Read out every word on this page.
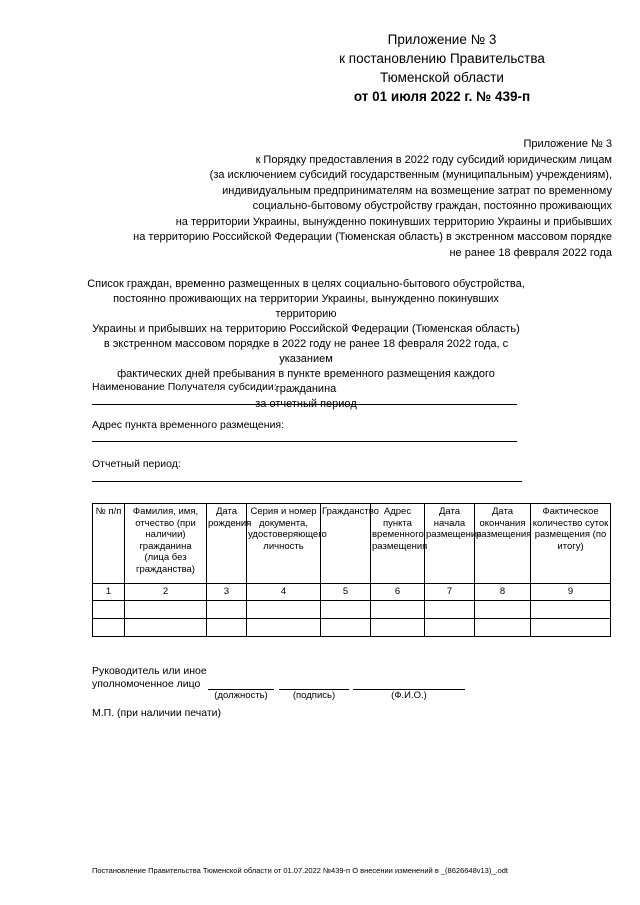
Приложение № 3
к постановлению Правительства
Тюменской области
от 01 июля 2022 г. № 439-п
Приложение № 3
к Порядку предоставления в 2022 году субсидий юридическим лицам
(за исключением субсидий государственным (муниципальным) учреждениям),
индивидуальным предпринимателям на возмещение затрат по временному
социально-бытовому обустройству граждан, постоянно проживающих
на территории Украины, вынужденно покинувших территорию Украины и прибывших
на территорию Российской Федерации (Тюменская область) в экстренном массовом порядке
не ранее 18 февраля 2022 года
Список граждан, временно размещенных в целях социально-бытового обустройства,
постоянно проживающих на территории Украины, вынужденно покинувших территорию
Украины и прибывших на территорию Российской Федерации (Тюменская область)
в экстренном массовом порядке в 2022 году не ранее 18 февраля 2022 года, с указанием
фактических дней пребывания в пункте временного размещения каждого гражданина
за отчетный период
Наименование Получателя субсидии:
Адрес пункта временного размещения:
Отчетный период:
№ п/п	Фамилия, имя, отчество (при наличии) гражданина (лица без гражданства)	Дата рождения	Серия и номер документа, удостоверяющего личность	Гражданство	Адрес пункта временного размещения	Дата начала размещения	Дата окончания размещения	Фактическое количество суток размещения (по итогу)
1	2	3	4	5	6	7	8	9

Руководитель или иное
уполномоченное лицо
(должность)	(подпись)	(Ф.И.О.)
М.П. (при наличии печати)
Постановление Правительства Тюменской области от 01.07.2022 №439-п О внесении изменений в _(8626648v13)_.odt
